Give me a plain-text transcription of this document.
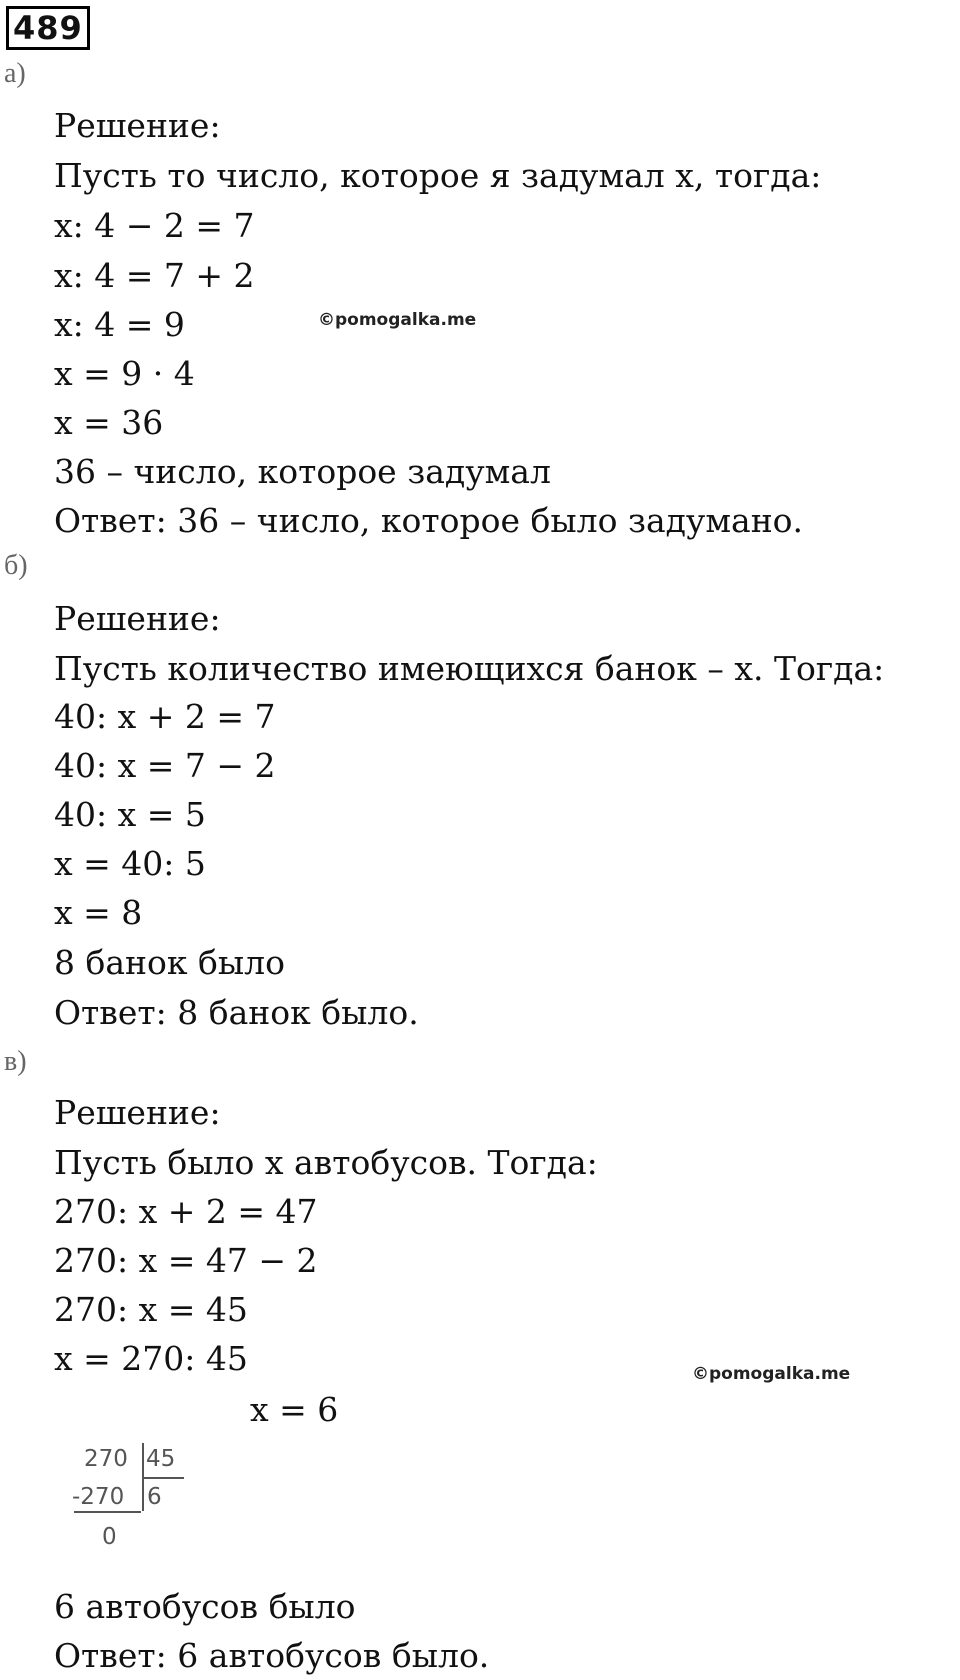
489
а)
Решение:
Пусть то число, которое я задумал x, тогда:
x: 4 − 2 = 7
x: 4 = 7 + 2
x: 4 = 9
x = 9 · 4
x = 36
36 – число, которое задумал
Ответ: 36 – число, которое было задумано.
©pomogalka.me
б)
Решение:
Пусть количество имеющихся банок – x. Тогда:
40: x + 2 = 7
40: x = 7 − 2
40: x = 5
x = 40: 5
x = 8
8 банок было
Ответ: 8 банок было.
в)
Решение:
Пусть было x автобусов. Тогда:
270: x + 2 = 47
270: x = 47 − 2
270: x = 45
x = 270: 45
x = 6
6 автобусов было
Ответ: 6 автобусов было.
©pomogalka.me
270 45
-270 6
0
